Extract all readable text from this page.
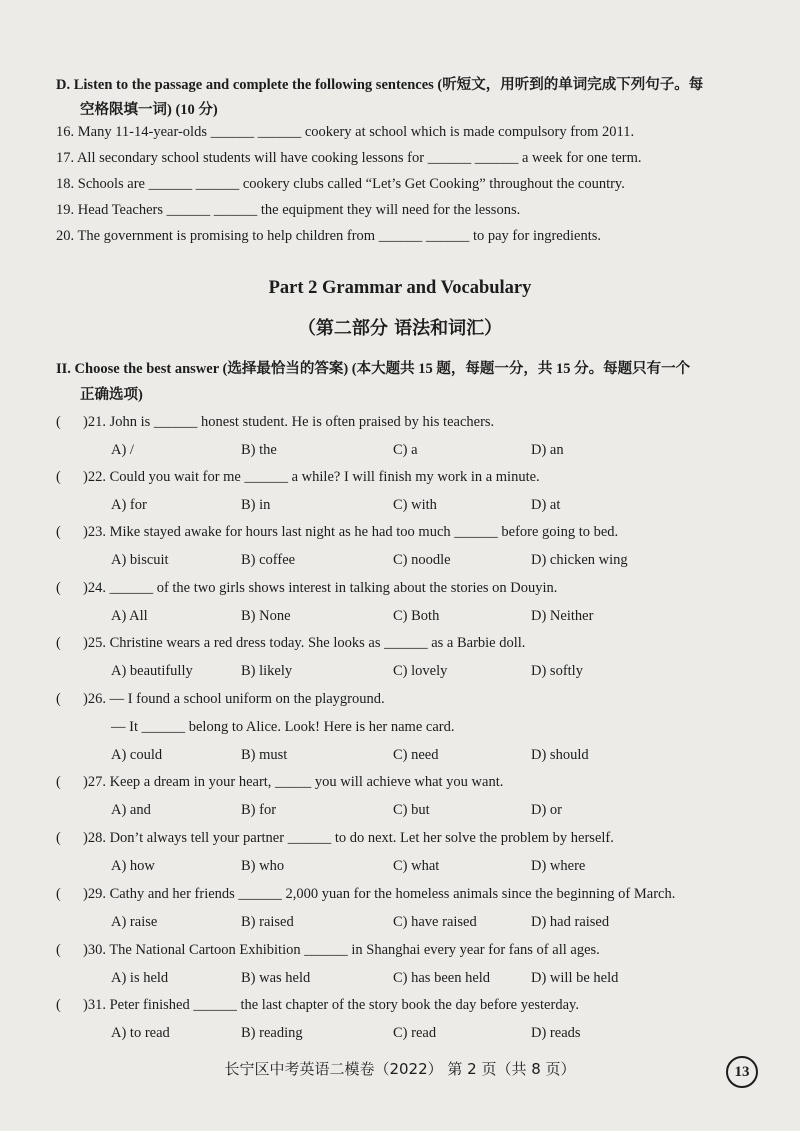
D. Listen to the passage and complete the following sentences (听短文，用听到的单词完成下列句子。每
空格限填一词) (10 分)
16. Many 11-14-year-olds ______ ______ cookery at school which is made compulsory from 2011.
17. All secondary school students will have cooking lessons for ______ ______ a week for one term.
18. Schools are ______ ______ cookery clubs called “Let’s Get Cooking” throughout the country.
19. Head Teachers ______ ______ the equipment they will need for the lessons.
20. The government is promising to help children from ______ ______ to pay for ingredients.
Part 2 Grammar and Vocabulary
（第二部分 语法和词汇）
II. Choose the best answer (选择最恰当的答案) (本大题共 15 题，每题一分，共 15 分。每题只有一个
正确选项)
( )21. John is ______ honest student. He is often praised by his teachers.
A) /	B) the	C) a	D) an
( )22. Could you wait for me ______ a while? I will finish my work in a minute.
A) for	B) in	C) with	D) at
( )23. Mike stayed awake for hours last night as he had too much ______ before going to bed.
A) biscuit	B) coffee	C) noodle	D) chicken wing
( )24. ______ of the two girls shows interest in talking about the stories on Douyin.
A) All	B) None	C) Both	D) Neither
( )25. Christine wears a red dress today. She looks as ______ as a Barbie doll.
A) beautifully	B) likely	C) lovely	D) softly
( )26. — I found a school uniform on the playground.
— It ______ belong to Alice. Look! Here is her name card.
A) could	B) must	C) need	D) should
( )27. Keep a dream in your heart, _____ you will achieve what you want.
A) and	B) for	C) but	D) or
( )28. Don’t always tell your partner ______ to do next. Let her solve the problem by herself.
A) how	B) who	C) what	D) where
( )29. Cathy and her friends ______ 2,000 yuan for the homeless animals since the beginning of March.
A) raise	B) raised	C) have raised	D) had raised
( )30. The National Cartoon Exhibition ______ in Shanghai every year for fans of all ages.
A) is held	B) was held	C) has been held	D) will be held
( )31. Peter finished ______ the last chapter of the story book the day before yesterday.
A) to read	B) reading	C) read	D) reads
长宁区中考英语二模卷（2022） 第 2 页（共 8 页）	13
